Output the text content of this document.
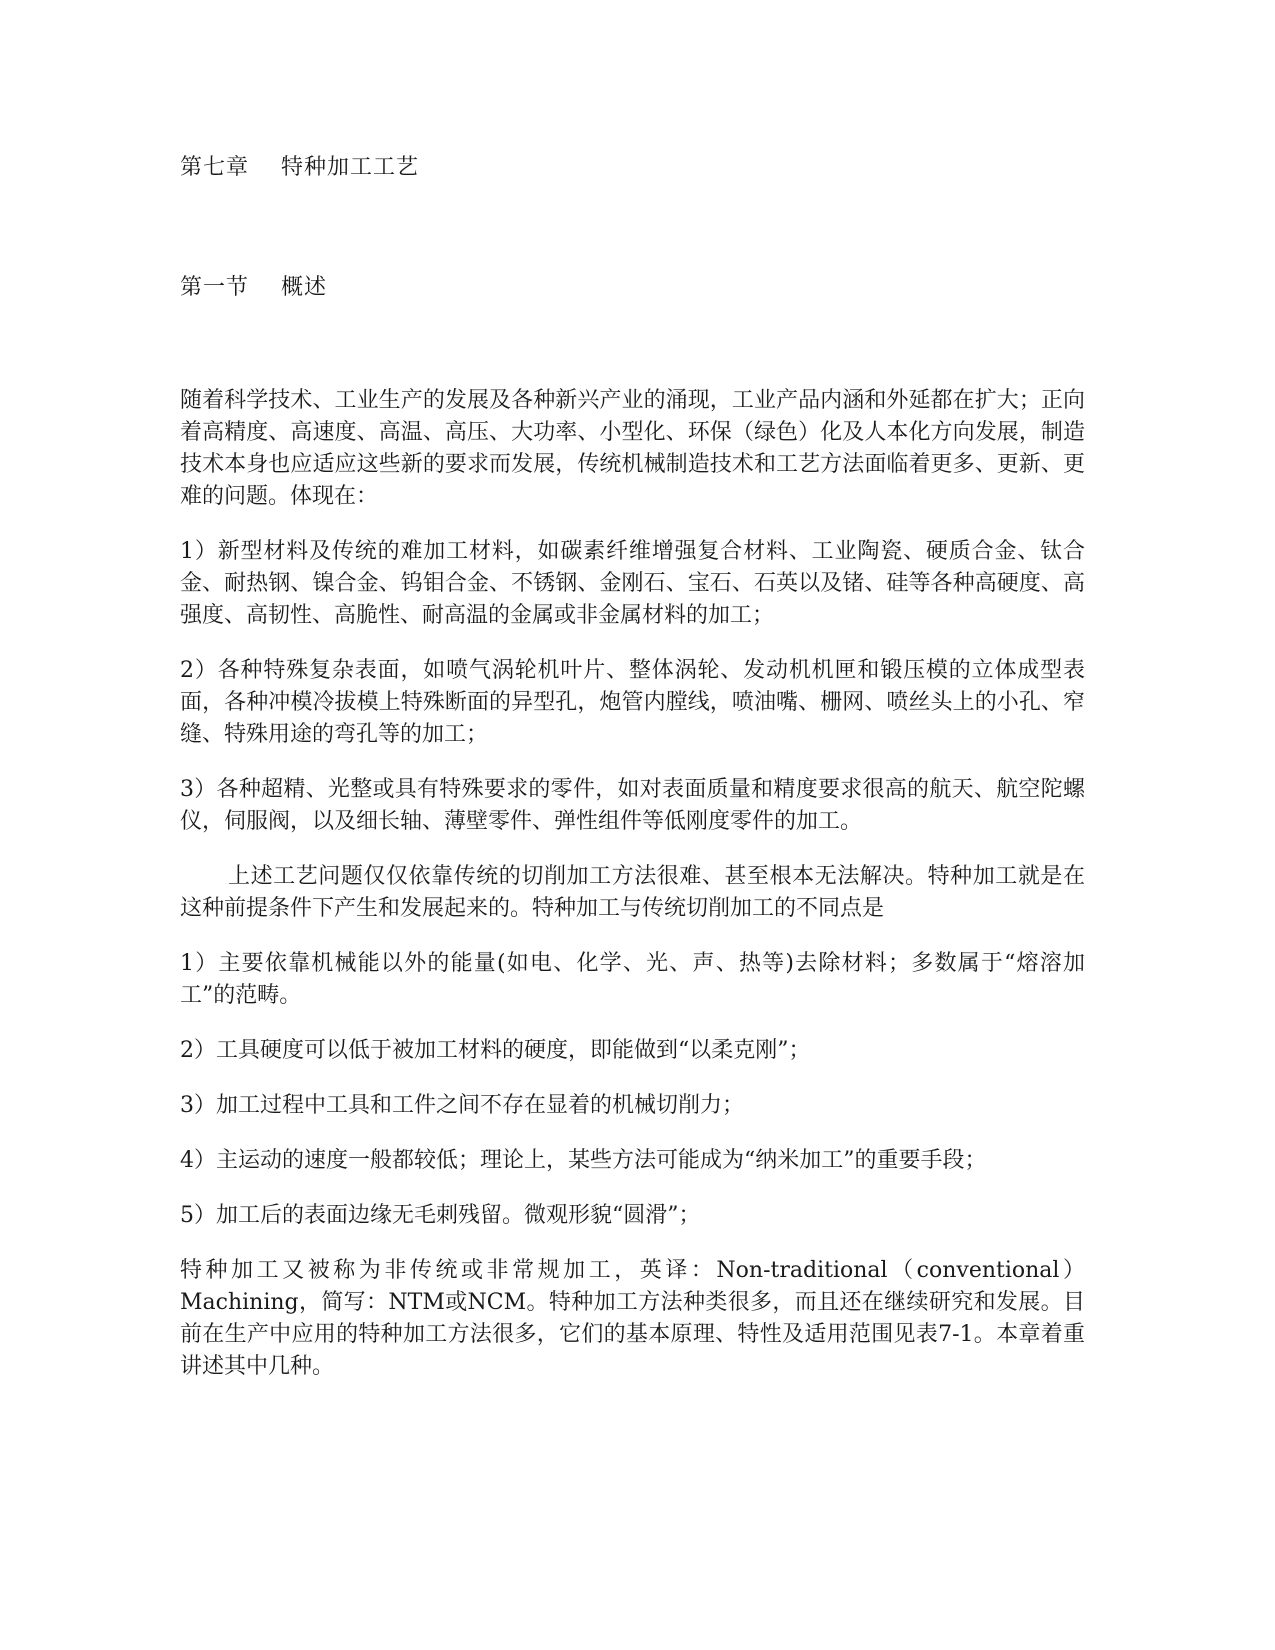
第七章    特种加工工艺
第一节    概述

随着科学技术、工业生产的发展及各种新兴产业的涌现，工业产品内涵和外延都在扩大；正向着高精度、高速度、高温、高压、大功率、小型化、环保（绿色）化及人本化方向发展，制造技术本身也应适应这些新的要求而发展，传统机械制造技术和工艺方法面临着更多、更新、更难的问题。体现在：

1）新型材料及传统的难加工材料，如碳素纤维增强复合材料、工业陶瓷、硬质合金、钛合金、耐热钢、镍合金、钨钼合金、不锈钢、金刚石、宝石、石英以及锗、硅等各种高硬度、高强度、高韧性、高脆性、耐高温的金属或非金属材料的加工；

2）各种特殊复杂表面，如喷气涡轮机叶片、整体涡轮、发动机机匣和锻压模的立体成型表面，各种冲模冷拔模上特殊断面的异型孔，炮管内膛线，喷油嘴、栅网、喷丝头上的小孔、窄缝、特殊用途的弯孔等的加工；

3）各种超精、光整或具有特殊要求的零件，如对表面质量和精度要求很高的航天、航空陀螺仪，伺服阀，以及细长轴、薄壁零件、弹性组件等低刚度零件的加工。

上述工艺问题仅仅依靠传统的切削加工方法很难、甚至根本无法解决。特种加工就是在这种前提条件下产生和发展起来的。特种加工与传统切削加工的不同点是

1）主要依靠机械能以外的能量(如电、化学、光、声、热等)去除材料；多数属于“熔溶加工”的范畴。

2）工具硬度可以低于被加工材料的硬度，即能做到“以柔克刚”；

3）加工过程中工具和工件之间不存在显着的机械切削力；

4）主运动的速度一般都较低；理论上，某些方法可能成为“纳米加工”的重要手段；

5）加工后的表面边缘无毛刺残留。微观形貌“圆滑”；

特种加工又被称为非传统或非常规加工，英译：Non-traditional（conventional）Machining，简写：NTM或NCM。特种加工方法种类很多，而且还在继续研究和发展。目前在生产中应用的特种加工方法很多，它们的基本原理、特性及适用范围见表7-1。本章着重讲述其中几种。
